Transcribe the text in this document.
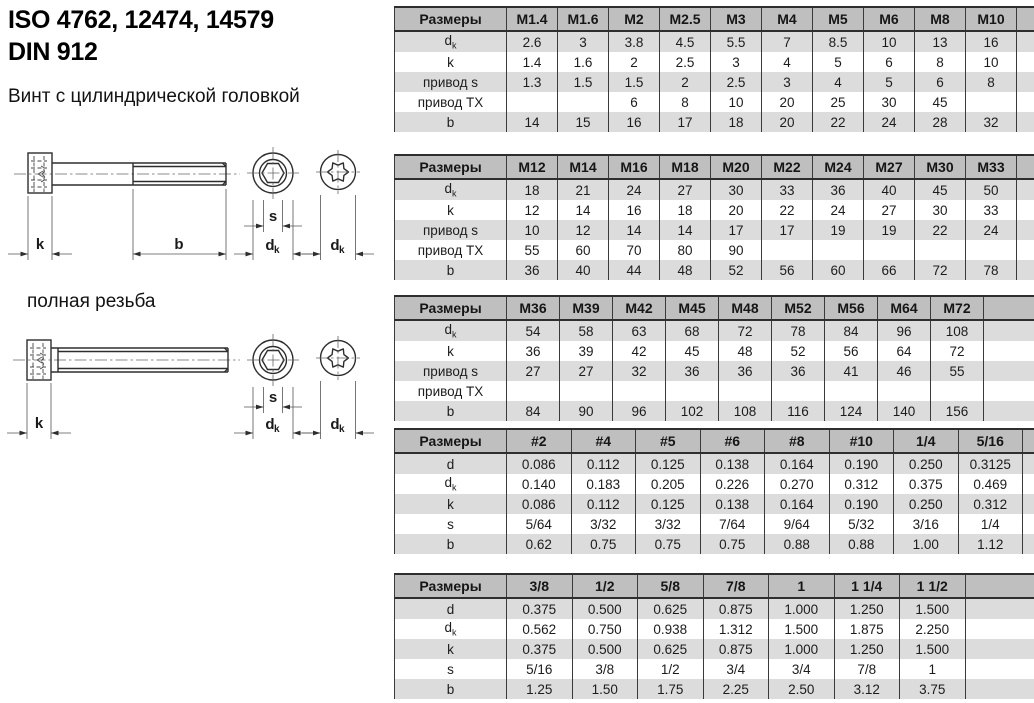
ISO 4762, 12474, 14579
DIN 912
Винт с цилиндрической головкой
полная резьба
k	b
s
d k	d k
k
s
d k	d k
Размеры	M1.4	M1.6	M2	M2.5	M3	M4	M5	M6	M8	M10	
$d_k$	2.6	3	3.8	4.5	5.5	7	8.5	10	13	16	
k	1.4	1.6	2	2.5	3	4	5	6	8	10	
привод s	1.3	1.5	1.5	2	2.5	3	4	5	6	8	
привод TX			6	8	10	20	25	30	45		
b	14	15	16	17	18	20	22	24	28	32	
Размеры	M12	M14	M16	M18	M20	M22	M24	M27	M30	M33	
$d_k$	18	21	24	27	30	33	36	40	45	50	
k	12	14	16	18	20	22	24	27	30	33	
привод s	10	12	14	14	17	17	19	19	22	24	
привод TX	55	60	70	80	90						
b	36	40	44	48	52	56	60	66	72	78	
Размеры	M36	M39	M42	M45	M48	M52	M56	M64	M72	
$d_k$	54	58	63	68	72	78	84	96	108	
k	36	39	42	45	48	52	56	64	72	
привод s	27	27	32	36	36	36	41	46	55	
привод TX										
b	84	90	96	102	108	116	124	140	156	
Размеры	#2	#4	#5	#6	#8	#10	1/4	5/16	
d	0.086	0.112	0.125	0.138	0.164	0.190	0.250	0.3125	
$d_k$	0.140	0.183	0.205	0.226	0.270	0.312	0.375	0.469	
k	0.086	0.112	0.125	0.138	0.164	0.190	0.250	0.312	
s	5/64	3/32	3/32	7/64	9/64	5/32	3/16	1/4	
b	0.62	0.75	0.75	0.75	0.88	0.88	1.00	1.12	
Размеры	3/8	1/2	5/8	7/8	1	1 1/4	1 1/2	
d	0.375	0.500	0.625	0.875	1.000	1.250	1.500	
$d_k$	0.562	0.750	0.938	1.312	1.500	1.875	2.250	
k	0.375	0.500	0.625	0.875	1.000	1.250	1.500	
s	5/16	3/8	1/2	3/4	3/4	7/8	1	
b	1.25	1.50	1.75	2.25	2.50	3.12	3.75	
